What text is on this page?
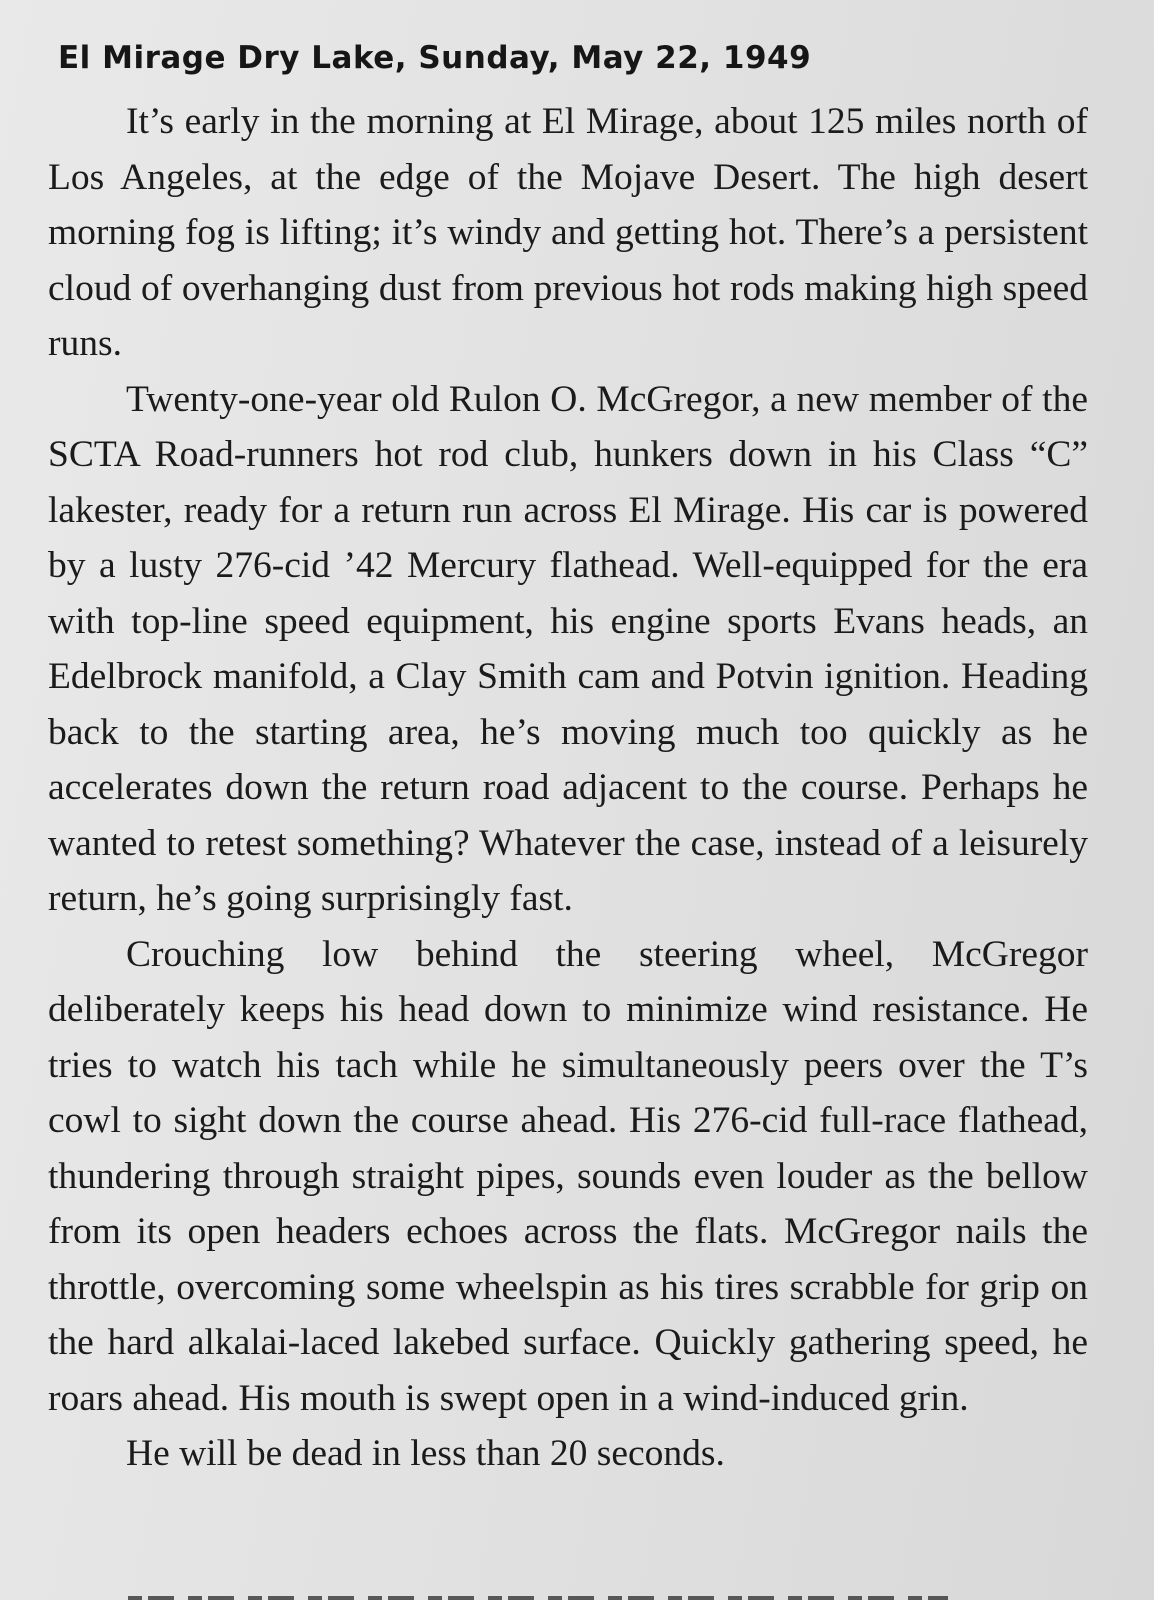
El Mirage Dry Lake, Sunday, May 22, 1949

It’s early in the morning at El Mirage, about 125 miles north of Los Angeles, at the edge of the Mojave Desert. The high desert morning fog is lifting; it’s windy and getting hot. There’s a persistent cloud of overhanging dust from previous hot rods making high speed runs.

Twenty-one-year old Rulon O. McGregor, a new member of the SCTA Road-runners hot rod club, hunkers down in his Class “C” lakester, ready for a return run across El Mirage. His car is powered by a lusty 276-cid ’42 Mercury flathead. Well-equipped for the era with top-line speed equipment, his engine sports Evans heads, an Edelbrock manifold, a Clay Smith cam and Potvin ignition. Heading back to the starting area, he’s moving much too quickly as he accelerates down the return road adjacent to the course. Perhaps he wanted to retest something? Whatever the case, instead of a leisurely return, he’s going surprisingly fast.

Crouching low behind the steering wheel, McGregor deliberately keeps his head down to minimize wind resistance. He tries to watch his tach while he simultaneously peers over the T’s cowl to sight down the course ahead. His 276-cid full-race flathead, thundering through straight pipes, sounds even louder as the bellow from its open headers echoes across the flats. McGregor nails the throttle, overcoming some wheelspin as his tires scrabble for grip on the hard alkalai-laced lakebed surface. Quickly gathering speed, he roars ahead. His mouth is swept open in a wind-induced grin.

He will be dead in less than 20 seconds.
